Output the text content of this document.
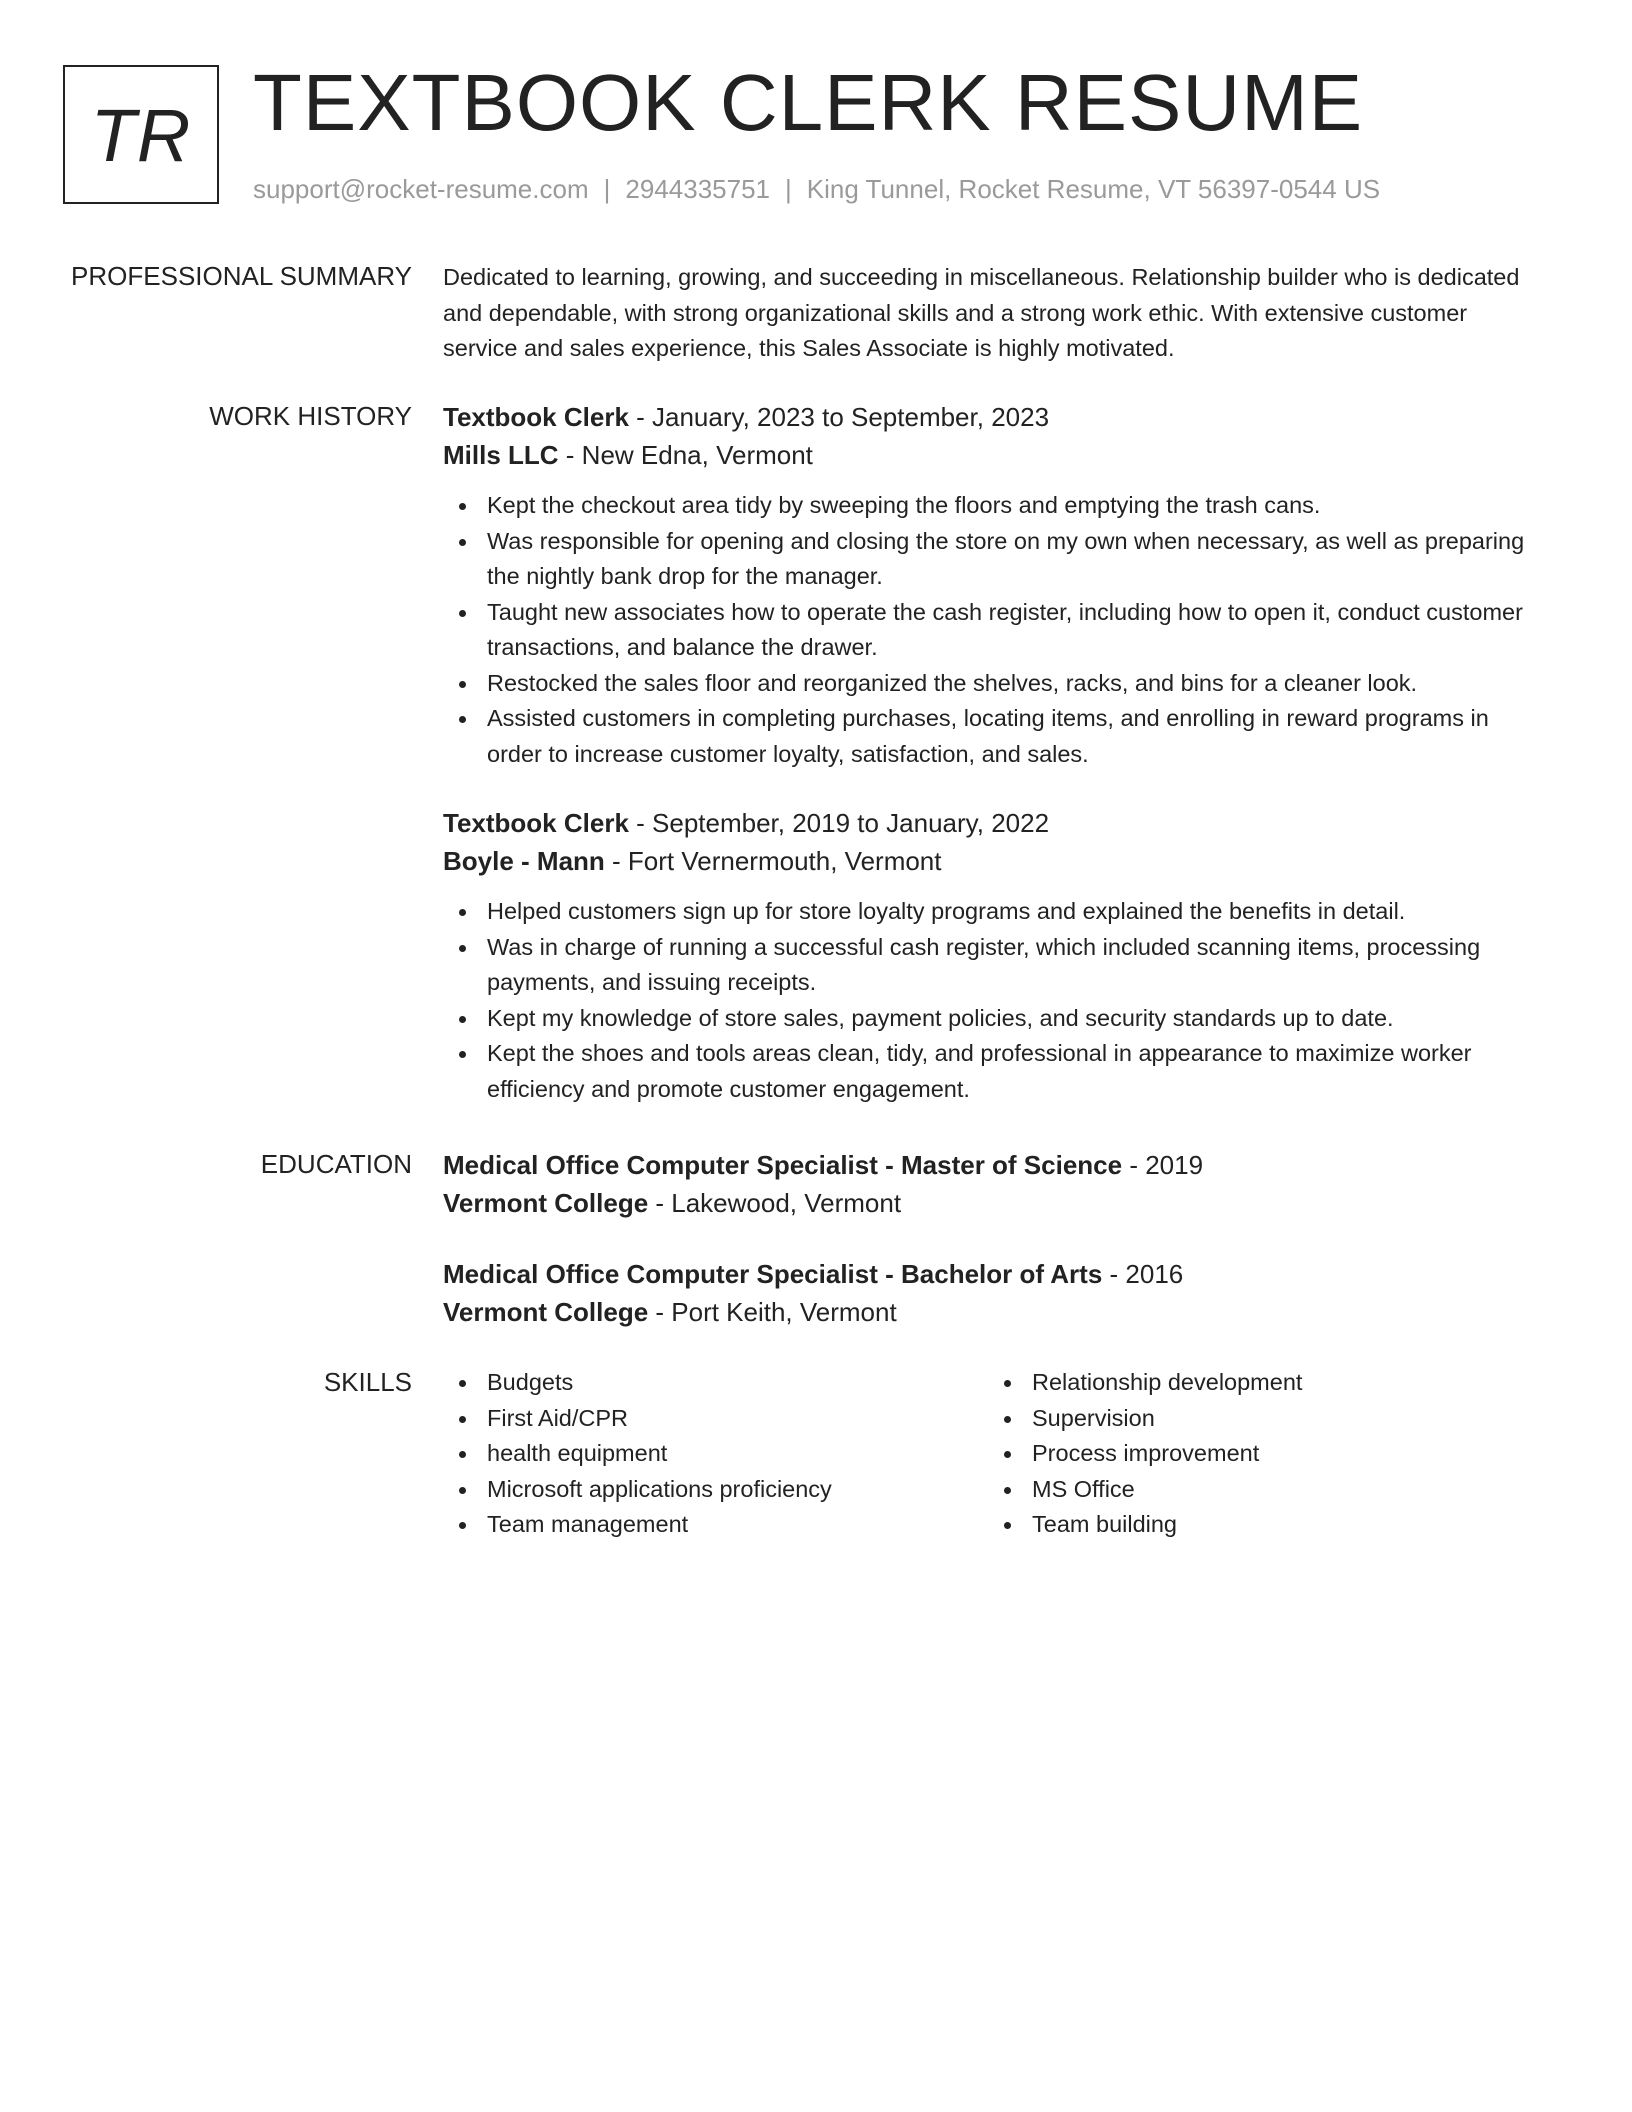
TR TEXTBOOK CLERK RESUME
support@rocket-resume.com | 2944335751 | King Tunnel, Rocket Resume, VT 56397-0544 US
PROFESSIONAL SUMMARY Dedicated to learning, growing, and succeeding in miscellaneous. Relationship builder who is dedicated and dependable, with strong organizational skills and a strong work ethic. With extensive customer service and sales experience, this Sales Associate is highly motivated.

WORK HISTORY Textbook Clerk - January, 2023 to September, 2023
Mills LLC - New Edna, Vermont
Kept the checkout area tidy by sweeping the floors and emptying the trash cans.
Was responsible for opening and closing the store on my own when necessary, as well as preparing the nightly bank drop for the manager.
Taught new associates how to operate the cash register, including how to open it, conduct customer transactions, and balance the drawer.
Restocked the sales floor and reorganized the shelves, racks, and bins for a cleaner look.
Assisted customers in completing purchases, locating items, and enrolling in reward programs in order to increase customer loyalty, satisfaction, and sales.
Textbook Clerk - September, 2019 to January, 2022
Boyle - Mann - Fort Vernermouth, Vermont
Helped customers sign up for store loyalty programs and explained the benefits in detail.
Was in charge of running a successful cash register, which included scanning items, processing payments, and issuing receipts.
Kept my knowledge of store sales, payment policies, and security standards up to date.
Kept the shoes and tools areas clean, tidy, and professional in appearance to maximize worker efficiency and promote customer engagement.
EDUCATION Medical Office Computer Specialist - Master of Science - 2019
Vermont College - Lakewood, Vermont
Medical Office Computer Specialist - Bachelor of Arts - 2016
Vermont College - Port Keith, Vermont
SKILLS	Budgets
First Aid/CPR
health equipment
Microsoft applications proficiency
Team management
Relationship development
Supervision
Process improvement
MS Office
Team building
